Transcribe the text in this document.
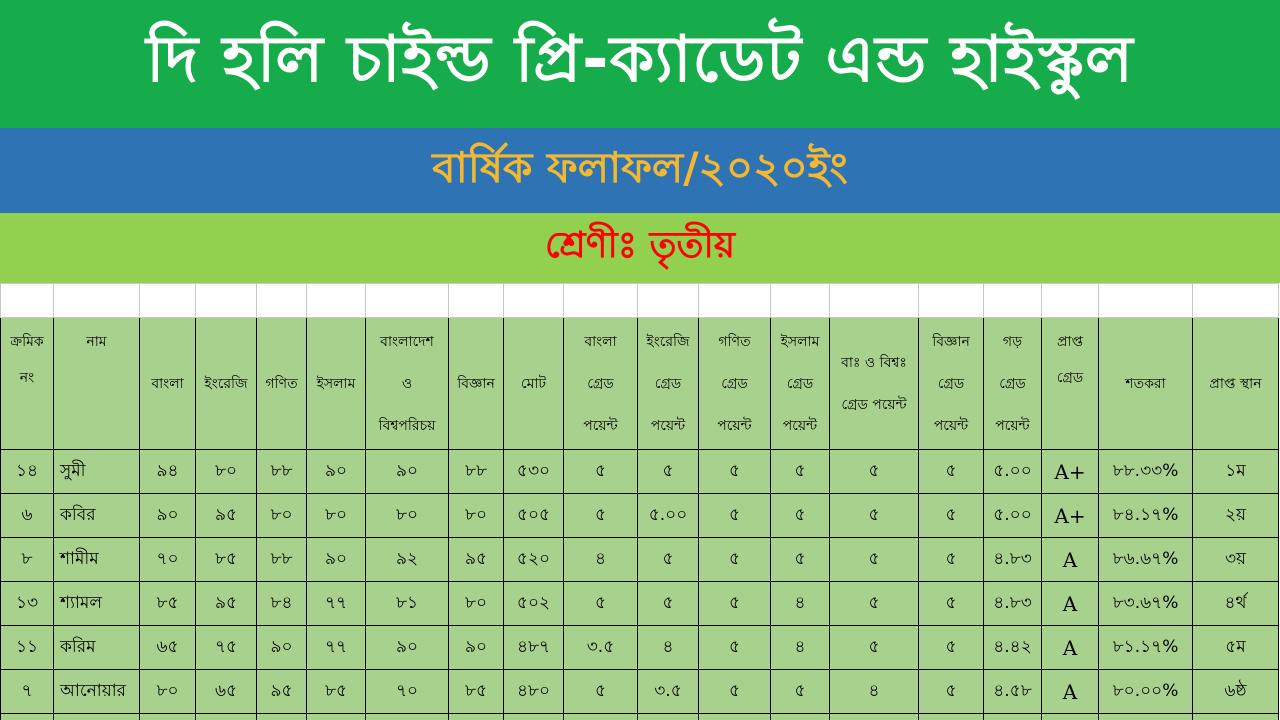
দি হলি চাইল্ড প্রি-ক্যাডেট এন্ড হাইস্কুল
বার্ষিক ফলাফল/২০২০ইং
শ্রেণীঃ তৃতীয়

ক্রমিক
নং	নাম	বাংলা	ইংরেজি	গণিত	ইসলাম	বাংলাদেশ
ও
বিশ্বপরিচয়	বিজ্ঞান	মোট	বাংলা
গ্রেড
পয়েন্ট	ইংরেজি
গ্রেড
পয়েন্ট	গণিত
গ্রেড
পয়েন্ট	ইসলাম
গ্রেড
পয়েন্ট	বাঃ ও বিশ্বঃ
গ্রেড পয়েন্ট	বিজ্ঞান
গ্রেড
পয়েন্ট	গড়
গ্রেড
পয়েন্ট	প্রাপ্ত
গ্রেড	শতকরা	প্রাপ্ত স্থান

১৪	সুমী	৯৪	৮০	৮৮	৯০	৯০	৮৮	৫৩০	৫	৫	৫	৫	৫	৫	৫.০০	A+	৮৮.৩৩%	১ম
৬	কবির	৯০	৯৫	৮০	৮০	৮০	৮০	৫০৫	৫	৫.০০	৫	৫	৫	৫	৫.০০	A+	৮৪.১৭%	২য়
৮	শামীম	৭০	৮৫	৮৮	৯০	৯২	৯৫	৫২০	৪	৫	৫	৫	৫	৫	৪.৮৩	A	৮৬.৬৭%	৩য়
১৩	শ্যামল	৮৫	৯৫	৮৪	৭৭	৮১	৮০	৫০২	৫	৫	৫	৪	৫	৫	৪.৮৩	A	৮৩.৬৭%	৪র্থ
১১	করিম	৬৫	৭৫	৯০	৭৭	৯০	৯০	৪৮৭	৩.৫	৪	৫	৪	৫	৫	৪.৪২	A	৮১.১৭%	৫ম
৭	আনোয়ার	৮০	৬৫	৯৫	৮৫	৭০	৮৫	৪৮০	৫	৩.৫	৫	৫	৪	৫	৪.৫৮	A	৮০.০০%	৬ষ্ঠ
